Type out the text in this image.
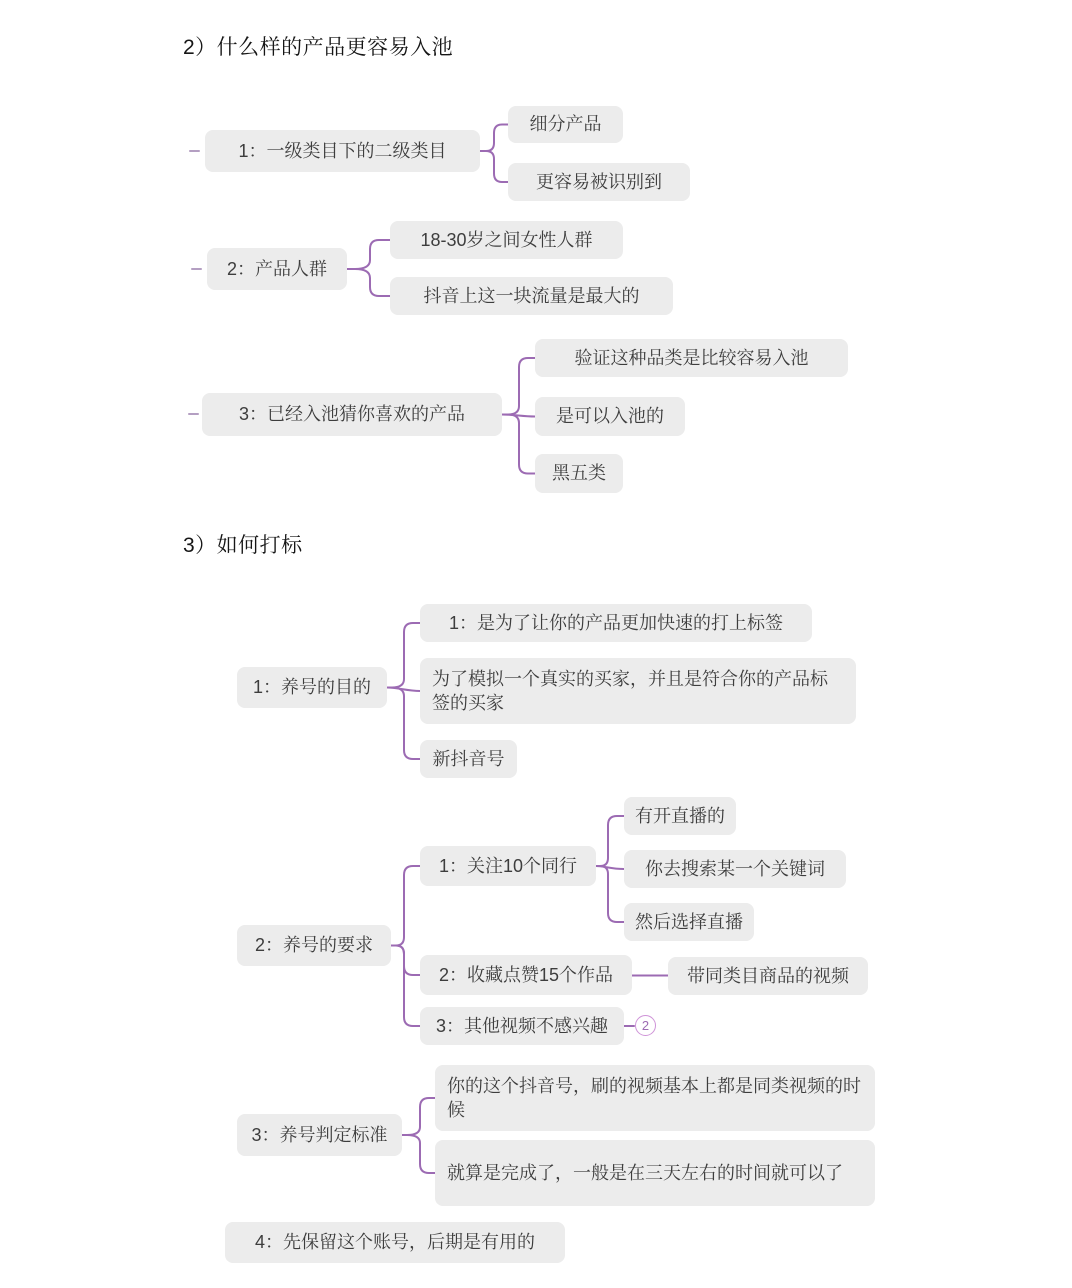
2）什么样的产品更容易入池
1：一级类目下的二级类目
细分产品
更容易被识别到
2：产品人群
18-30岁之间女性人群
抖音上这一块流量是最大的
3：已经入池猜你喜欢的产品
验证这种品类是比较容易入池
是可以入池的
黑五类
3）如何打标
1：养号的目的
1：是为了让你的产品更加快速的打上标签
为了模拟一个真实的买家，并且是符合你的产品标签的买家
新抖音号
2：养号的要求
1：关注10个同行
有开直播的
你去搜索某一个关键词
然后选择直播
2：收藏点赞15个作品	带同类目商品的视频
3：其他视频不感兴趣	2
3：养号判定标准
你的这个抖音号，刷的视频基本上都是同类视频的时候
就算是完成了，一般是在三天左右的时间就可以了
4：先保留这个账号，后期是有用的
